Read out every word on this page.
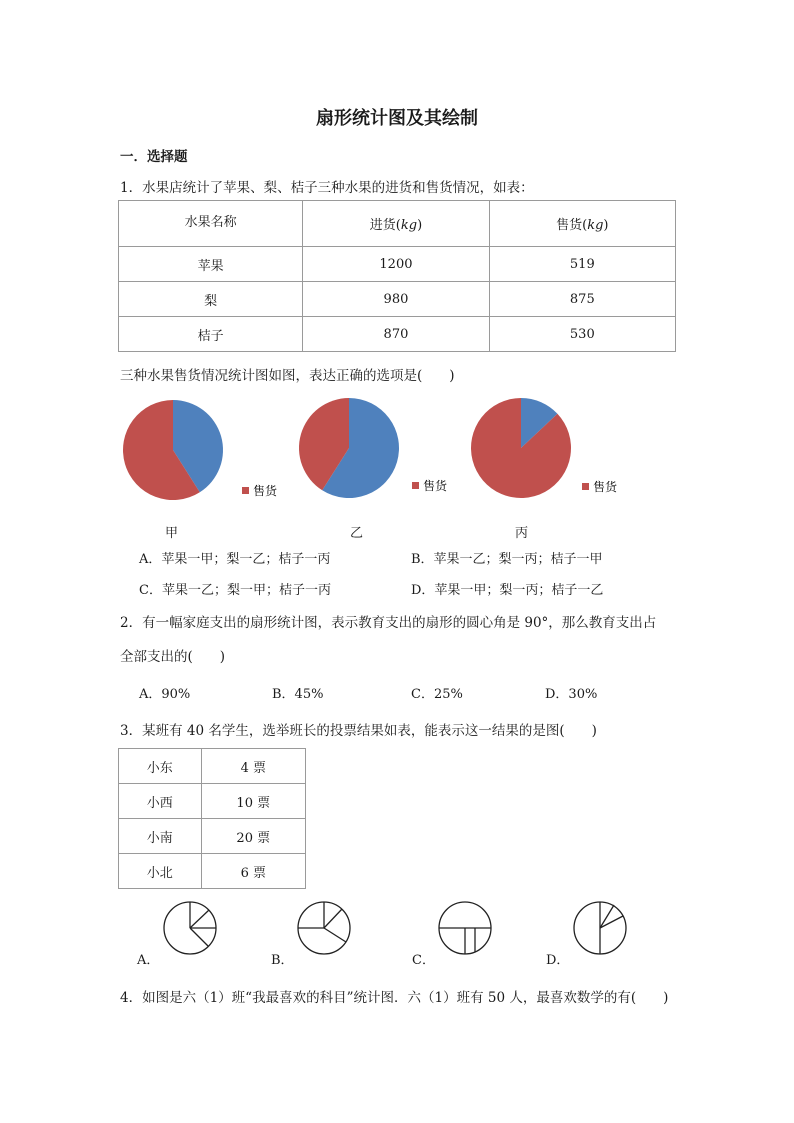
扇形统计图及其绘制
一．选择题
1．水果店统计了苹果、梨、桔子三种水果的进货和售货情况，如表：
水果名称	进货(kg)	售货(kg)
苹果	1200	519
梨	980	875
桔子	870	530
三种水果售货情况统计图如图，表达正确的选项是(　　)
售货	售货	售货
甲	乙	丙
A．苹果一甲；梨一乙；桔子一丙	B．苹果一乙；梨一丙；桔子一甲
C．苹果一乙；梨一甲；桔子一丙	D．苹果一甲；梨一丙；桔子一乙
2．有一幅家庭支出的扇形统计图，表示教育支出的扇形的圆心角是 90°，那么教育支出占
全部支出的(　　)
A．90%	B．45%	C．25%	D．30%
3．某班有 40 名学生，选举班长的投票结果如表，能表示这一结果的是图(　　)
小东	4 票
小西	10 票
小南	20 票
小北	6 票
A．	B．	C．	D．
4．如图是六（1）班“我最喜欢的科目”统计图．六（1）班有 50 人，最喜欢数学的有(　　)
